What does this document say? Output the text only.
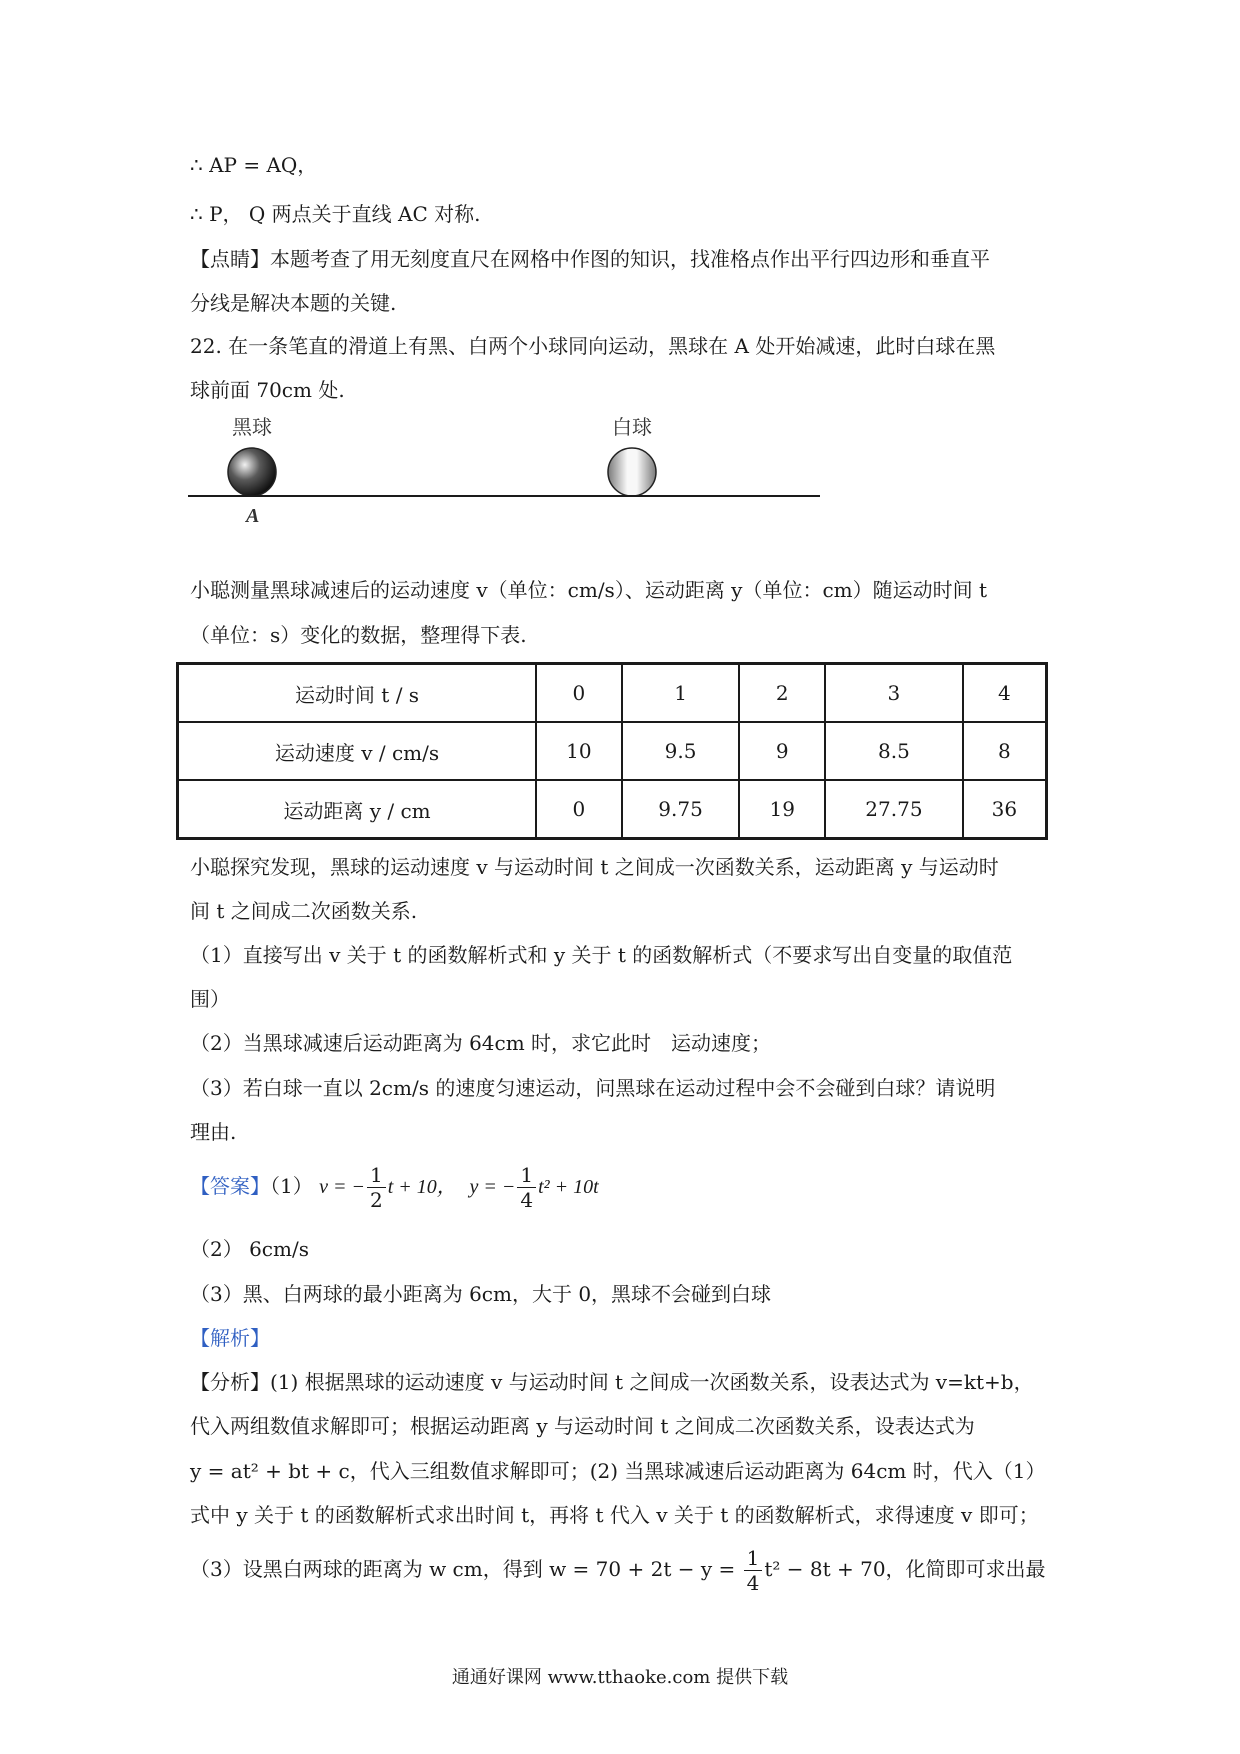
∴ AP = AQ，
∴ P， Q 两点关于直线 AC 对称.
【点睛】本题考查了用无刻度直尺在网格中作图的知识，找准格点作出平行四边形和垂直平
分线是解决本题的关键.
22. 在一条笔直的滑道上有黑、白两个小球同向运动，黑球在 A 处开始减速，此时白球在黑
球前面 70cm 处.
黑球	白球
A
小聪测量黑球减速后的运动速度 v（单位：cm/s）、运动距离 y（单位：cm）随运动时间 t
（单位：s）变化的数据，整理得下表.
运动时间 t / s	0	1	2	3	4
运动速度 v / cm/s	10	9.5	9	8.5	8
运动距离 y / cm	0	9.75	19	27.75	36
小聪探究发现，黑球的运动速度 v 与运动时间 t 之间成一次函数关系，运动距离 y 与运动时
间 t 之间成二次函数关系.
（1）直接写出 v 关于 t 的函数解析式和 y 关于 t 的函数解析式（不要求写出自变量的取值范
围）
（2）当黑球减速后运动距离为 64cm 时，求它此时　运动速度；
（3）若白球一直以 2cm/s 的速度匀速运动，问黑球在运动过程中会不会碰到白球？请说明
理由.
【答案】（1） v = − $\frac{1}{2}$ t + 10， y = − $\frac{1}{4} t^2 + 10t$
（2） 6cm/s
（3）黑、白两球的最小距离为 6cm，大于 0，黑球不会碰到白球
【解析】
【分析】(1) 根据黑球的运动速度 v 与运动时间 t 之间成一次函数关系，设表达式为 v=kt+b，
代入两组数值求解即可；根据运动距离 y 与运动时间 t 之间成二次函数关系，设表达式为
y = at² + bt + c，代入三组数值求解即可；(2) 当黑球减速后运动距离为 64cm 时，代入（1）
式中 y 关于 t 的函数解析式求出时间 t，再将 t 代入 v 关于 t 的函数解析式，求得速度 v 即可；
（3）设黑白两球的距离为 w cm，得到 $w = 70 + 2t - y = \frac{1}{4} t^2 - 8t + 70$，化简即可求出最
通通好课网 www.tthaoke.com 提供下载
